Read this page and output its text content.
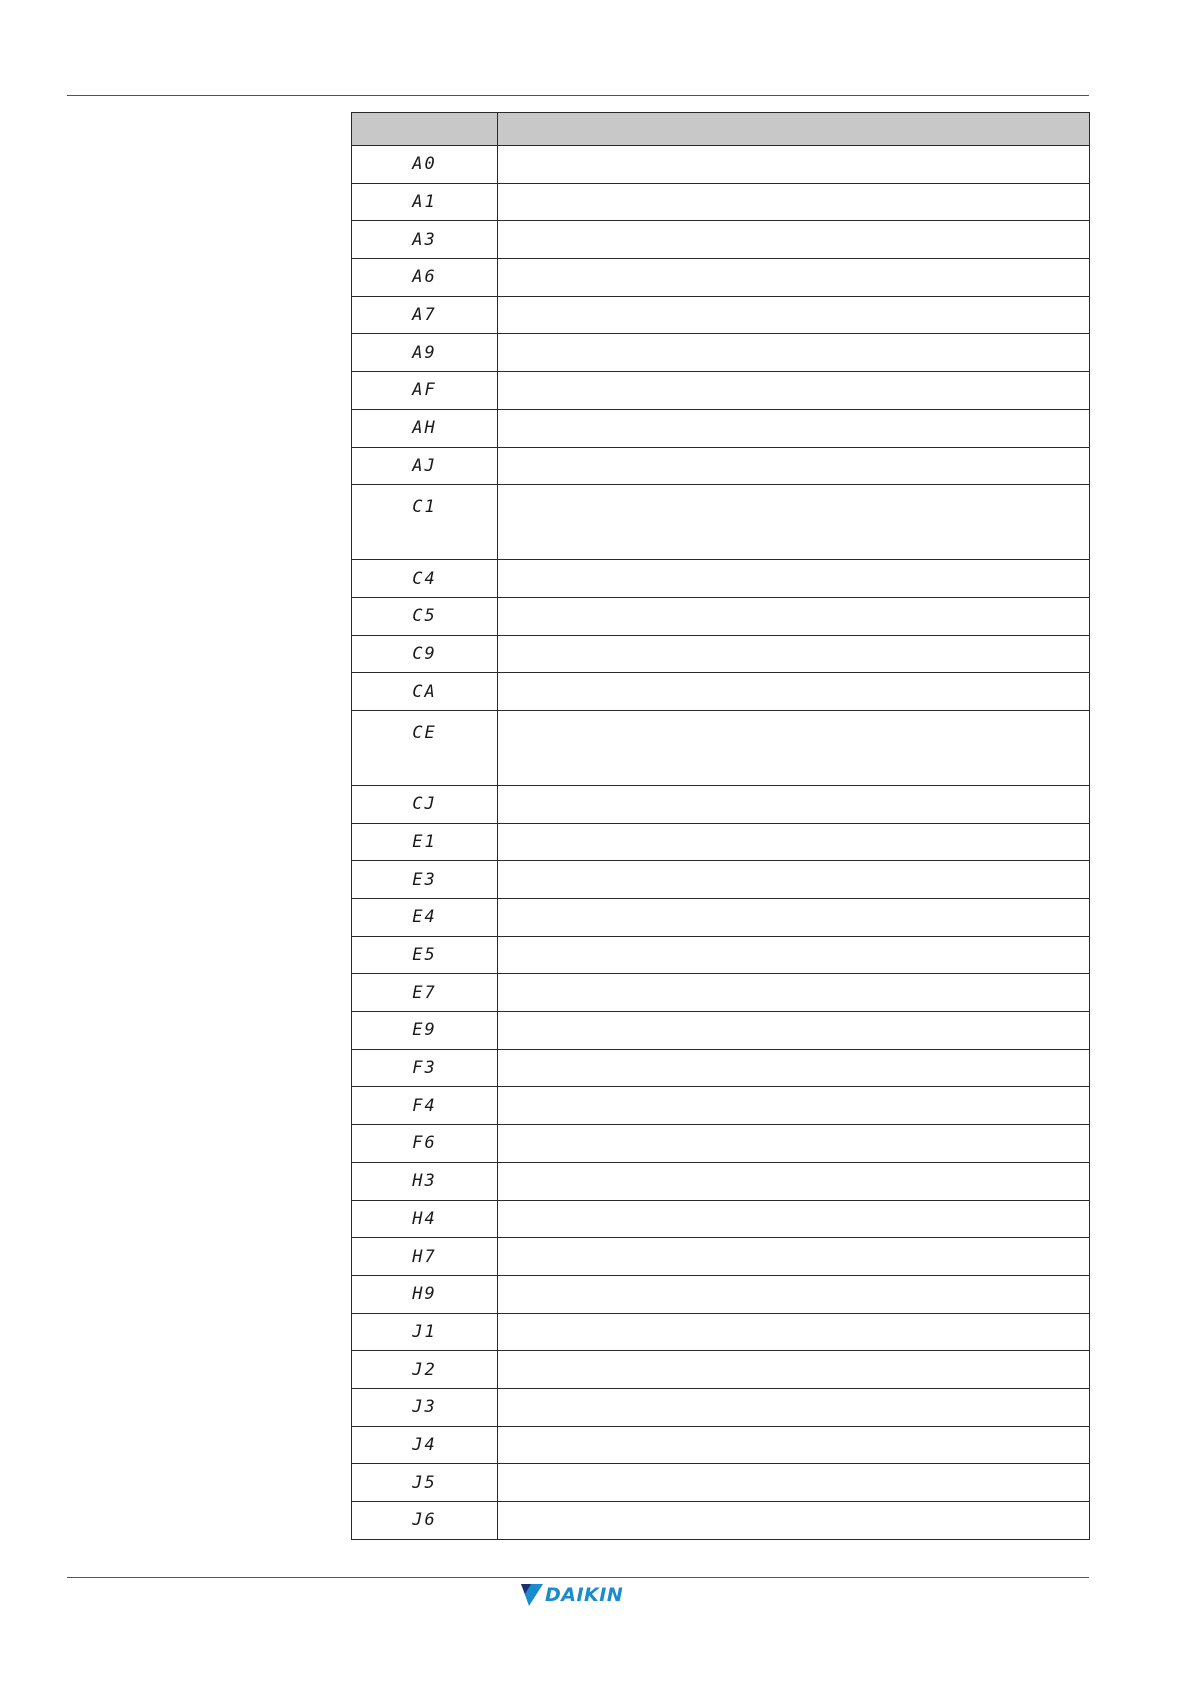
A0	
A1	
A3	
A6	
A7	
A9	
AF	
AH	
AJ	
C1	
C4	
C5	
C9	
CA	
CE	
CJ	
E1	
E3	
E4	
E5	
E7	
E9	
F3	
F4	
F6	
H3	
H4	
H7	
H9	
J1	
J2	
J3	
J4	
J5	
J6	
DAIKIN
